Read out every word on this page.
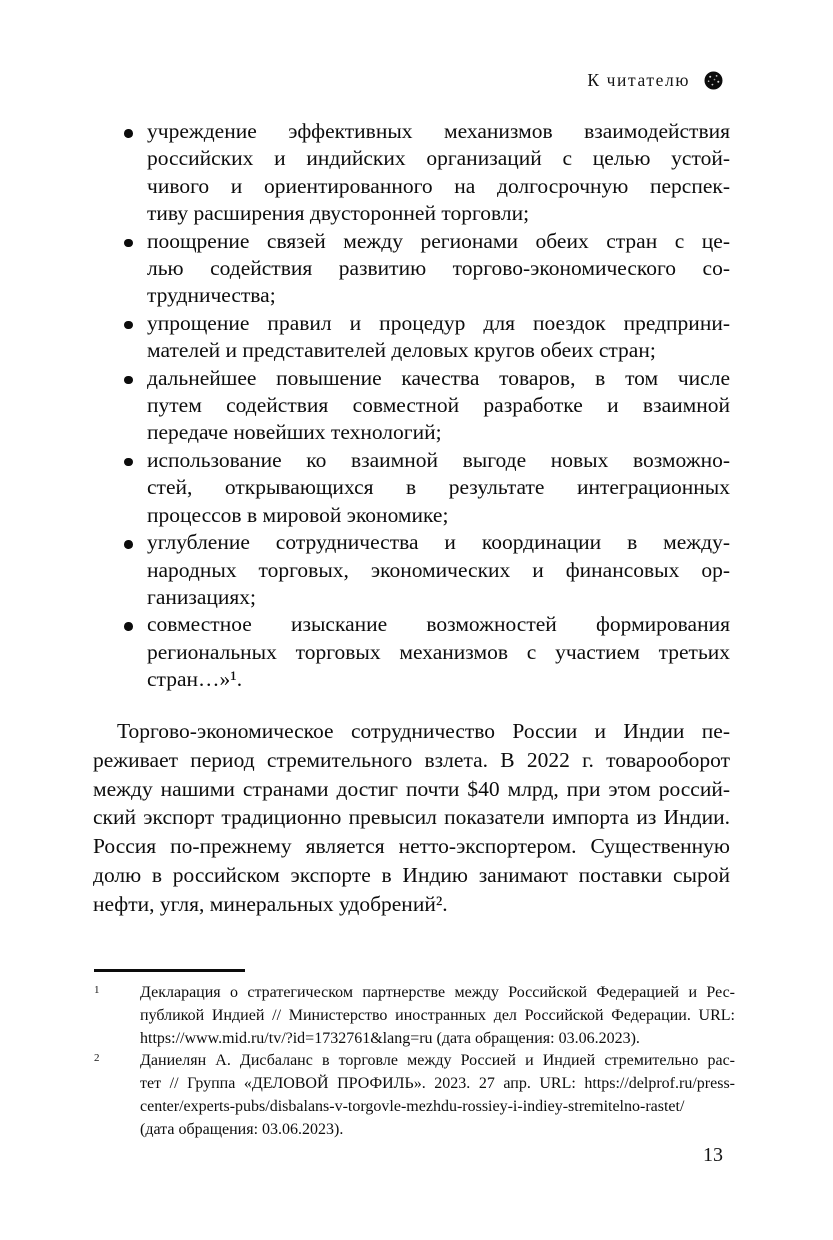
К читателю
учреждение эффективных механизмов взаимодействия
российских и индийских организаций с целью устой-
чивого и ориентированного на долгосрочную перспек-
тиву расширения двусторонней торговли;
поощрение связей между регионами обеих стран с це-
лью содействия развитию торгово-экономического со-
трудничества;
упрощение правил и процедур для поездок предприни-
мателей и представителей деловых кругов обеих стран;
дальнейшее повышение качества товаров, в том числе
путем содействия совместной разработке и взаимной
передаче новейших технологий;
использование ко взаимной выгоде новых возможно-
стей, открывающихся в результате интеграционных
процессов в мировой экономике;
углубление сотрудничества и координации в между-
народных торговых, экономических и финансовых ор-
ганизациях;
совместное изыскание возможностей формирования
региональных торговых механизмов с участием третьих
стран…»¹.
Торгово-экономическое сотрудничество России и Индии пе-
реживает период стремительного взлета. В 2022 г. товарооборот
между нашими странами достиг почти $40 млрд, при этом россий-
ский экспорт традиционно превысил показатели импорта из Индии.
Россия по-прежнему является нетто-экспортером. Существенную
долю в российском экспорте в Индию занимают поставки сырой
нефти, угля, минеральных удобрений².
1	Декларация о стратегическом партнерстве между Российской Федерацией и Рес-
публикой Индией // Министерство иностранных дел Российской Федерации. URL:
https://www.mid.ru/tv/?id=1732761&lang=ru (дата обращения: 03.06.2023).
2	Даниелян А. Дисбаланс в торговле между Россией и Индией стремительно рас-
тет // Группа «ДЕЛОВОЙ ПРОФИЛЬ». 2023. 27 апр. URL: https://delprof.ru/press-
center/experts-pubs/disbalans-v-torgovle-mezhdu-rossiey-i-indiey-stremitelno-rastet/
(дата обращения: 03.06.2023).
13
